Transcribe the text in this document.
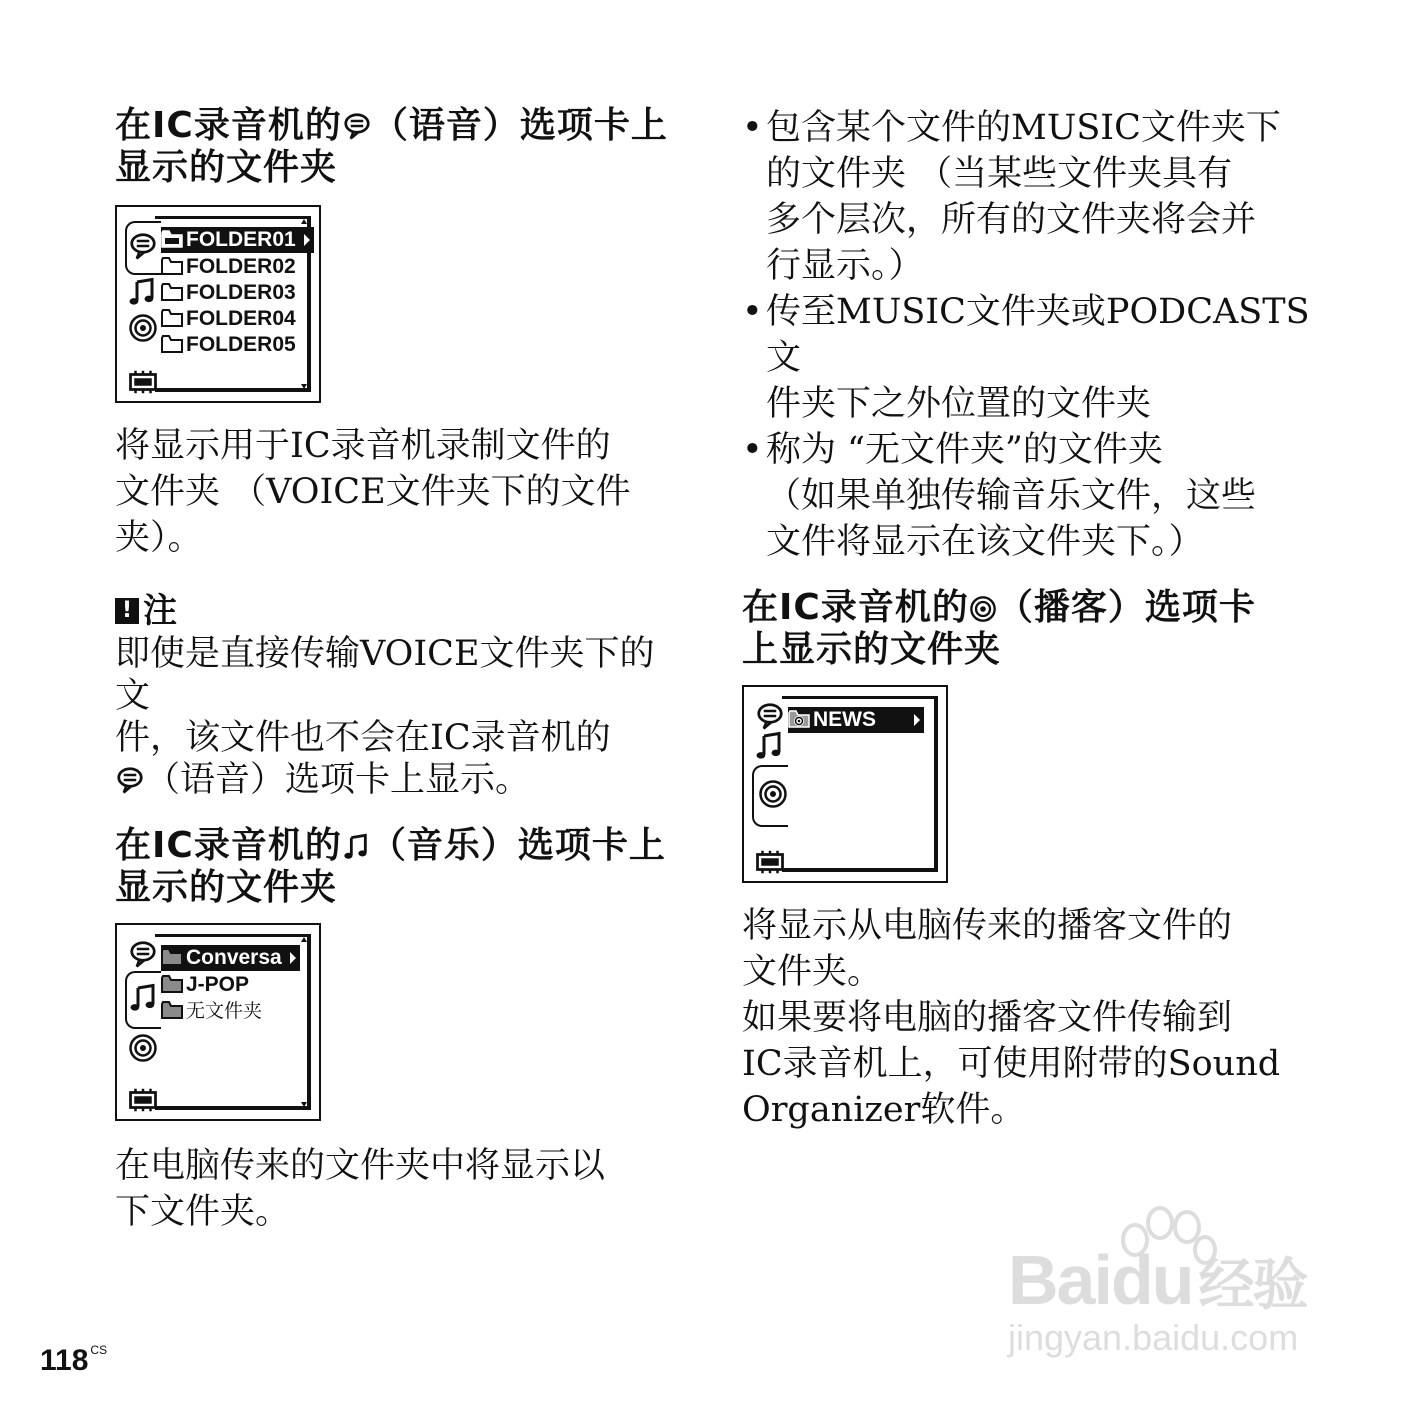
在IC录音机的 （语音）选项卡上
显示的文件夹
FOLDER01
FOLDER02
FOLDER03
FOLDER04
FOLDER05

将显示用于IC录音机录制文件的

文件夹 （VOICE文件夹下的文件

夹）。

! 注

即使是直接传输VOICE文件夹下的文

件，该文件也不会在IC录音机的

（语音）选项卡上显示。

在IC录音机的 （音乐）选项卡上
显示的文件夹
Conversa
J-POP
无文件夹

在电脑传来的文件夹中将显示以

下文件夹。

• 包含某个文件的MUSIC文件夹下
的文件夹 （当某些文件夹具有
多个层次，所有的文件夹将会并
行显示。）
• 传至MUSIC文件夹或PODCASTS文
件夹下之外位置的文件夹
• 称为 “无文件夹”的文件夹
（如果单独传输音乐文件，这些
文件将显示在该文件夹下。）
在IC录音机的 （播客）选项卡
上显示的文件夹
NEWS

将显示从电脑传来的播客文件的

文件夹。

如果要将电脑的播客文件传输到

IC录音机上，可使用附带的Sound

Organizer软件。

118 $^{CS}$
Baidu 经验
jingyan.baidu.com
